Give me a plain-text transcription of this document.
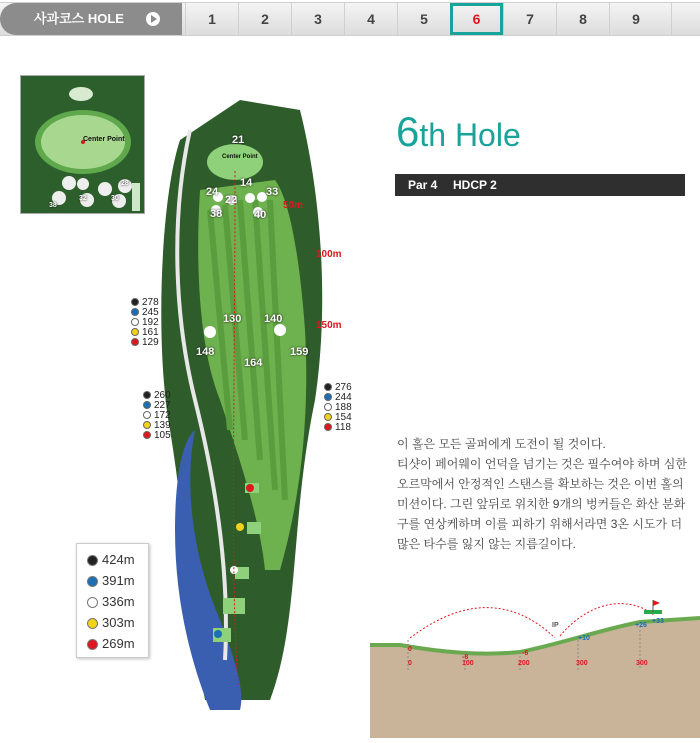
사과코스 HOLE	1	2	3	4	5	6	7	8	9
Center Point
38
32	30
28
21
Center Point
14
24
22
33
38	40
130 140
148	159
164
50m
100m
150m
278
245
192
161
129
260
227
172
139
105
276
244
188
154
118
424m
391m
336m
303m
269m
6th Hole
Par 4 HDCP 2
이 홀은 모든 골퍼에게 도전이 될 것이다.
티샷이 페어웨이 언덕을 넘기는 것은 필수여야 하며 심한 오르막에서 안정적인 스탠스를 확보하는 것은 이번 홀의 미션이다. 그린 앞뒤로 위치한 9개의 벙커들은 화산 분화구를 연상케하며 이를 피하기 위해서라면 3온 시도가 더 많은 타수를 잃지 않는 지름길이다.
0
-8
-6
+10
+26
+33
IP
0	100	200	300	300
